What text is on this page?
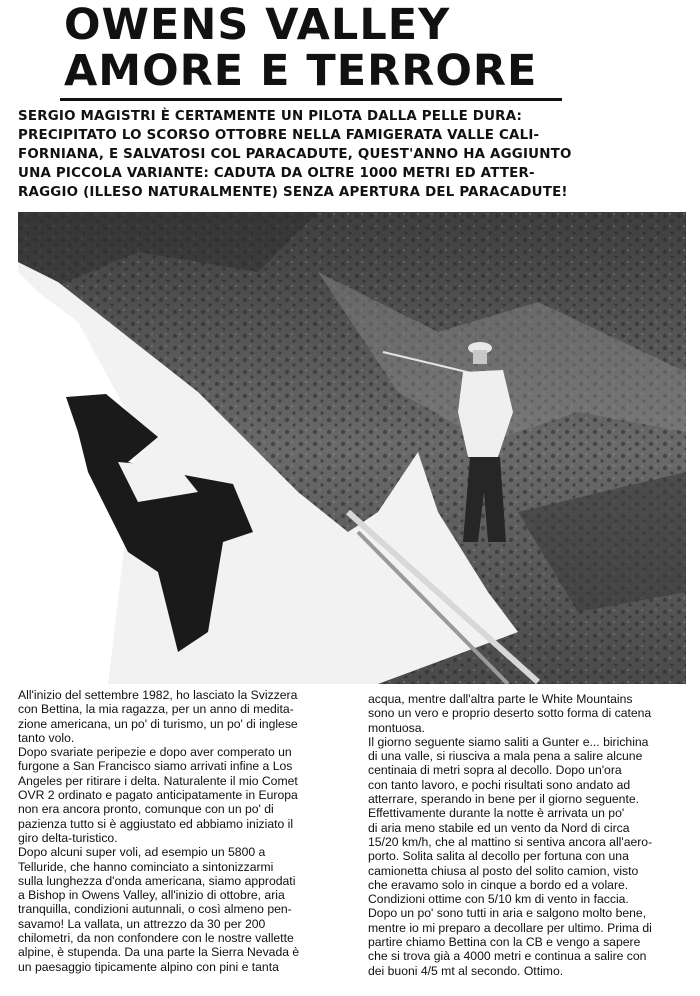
OWENS VALLEY
AMORE E TERRORE
SERGIO MAGISTRI È CERTAMENTE UN PILOTA DALLA PELLE DURA:
PRECIPITATO LO SCORSO OTTOBRE NELLA FAMIGERATA VALLE CALI-
FORNIANA, E SALVATOSI COL PARACADUTE, QUEST'ANNO HA AGGIUNTO
UNA PICCOLA VARIANTE: CADUTA DA OLTRE 1000 METRI ED ATTER-
RAGGIO (ILLESO NATURALMENTE) SENZA APERTURA DEL PARACADUTE!
All'inizio del settembre 1982, ho lasciato la Svizzera
con Bettina, la mia ragazza, per un anno di medita-
zione americana, un po' di turismo, un po' di inglese
tanto volo.
Dopo svariate peripezie e dopo aver comperato un
furgone a San Francisco siamo arrivati infine a Los
Angeles per ritirare i delta. Naturalente il mio Comet
OVR 2 ordinato e pagato anticipatamente in Europa
non era ancora pronto, comunque con un po' di
pazienza tutto si è aggiustato ed abbiamo iniziato il
giro delta-turistico.
Dopo alcuni super voli, ad esempio un 5800 a
Telluride, che hanno cominciato a sintonizzarmi
sulla lunghezza d'onda americana, siamo approdati
a Bishop in Owens Valley, all'inizio di ottobre, aria
tranquilla, condizioni autunnali, o così almeno pen-
savamo! La vallata, un attrezzo da 30 per 200
chilometri, da non confondere con le nostre vallette
alpine, è stupenda. Da una parte la Sierra Nevada è
un paesaggio tipicamente alpino con pini e tanta
acqua, mentre dall'altra parte le White Mountains
sono un vero e proprio deserto sotto forma di catena
montuosa.
Il giorno seguente siamo saliti a Gunter e... birichina
di una valle, si riusciva a mala pena a salire alcune
centinaia di metri sopra al decollo. Dopo un'ora
con tanto lavoro, e pochi risultati sono andato ad
atterrare, sperando in bene per il giorno seguente.
Effettivamente durante la notte è arrivata un po'
di aria meno stabile ed un vento da Nord di circa
15/20 km/h, che al mattino si sentiva ancora all'aero-
porto. Solita salita al decollo per fortuna con una
camionetta chiusa al posto del solito camion, visto
che eravamo solo in cinque a bordo ed a volare.
Condizioni ottime con 5/10 km di vento in faccia.
Dopo un po' sono tutti in aria e salgono molto bene,
mentre io mi preparo a decollare per ultimo. Prima di
partire chiamo Bettina con la CB e vengo a sapere
che si trova già a 4000 metri e continua a salire con
dei buoni 4/5 mt al secondo. Ottimo.
